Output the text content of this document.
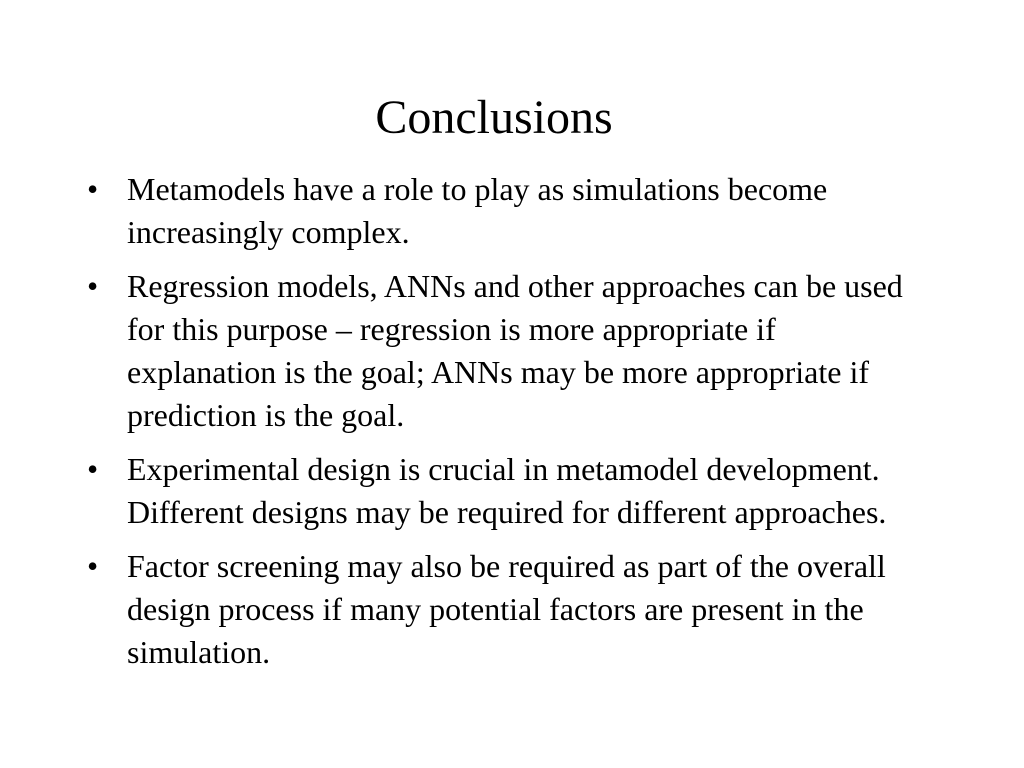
Conclusions
• Metamodels have a role to play as simulations become increasingly complex.
• Regression models, ANNs and other approaches can be used for this purpose – regression is more appropriate if explanation is the goal; ANNs may be more appropriate if prediction is the goal.
• Experimental design is crucial in metamodel development. Different designs may be required for different approaches.
• Factor screening may also be required as part of the overall design process if many potential factors are present in the simulation.
